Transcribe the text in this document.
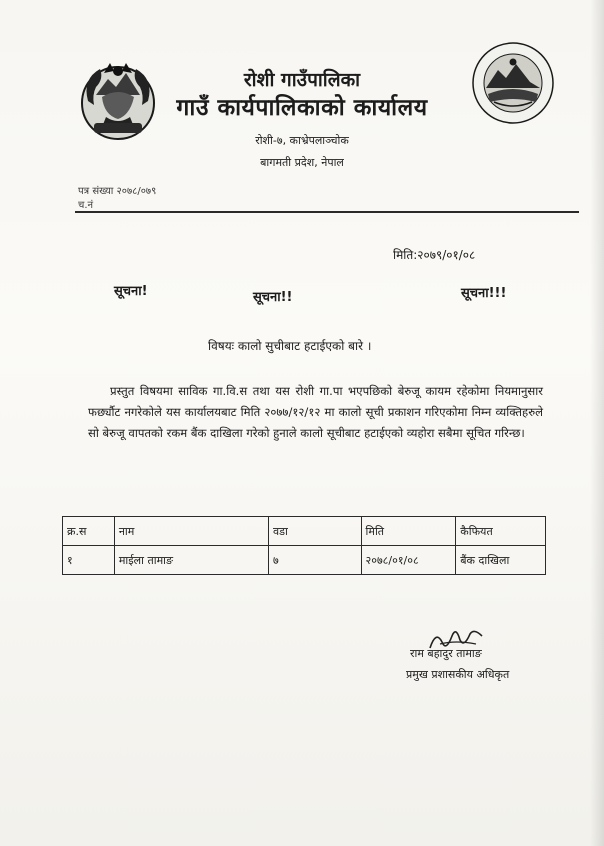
रोशी गाउँपालिका
गाउँ कार्यपालिकाको कार्यालय
रोशी-७, काभ्रेपलाञ्चोक
बागमती प्रदेश, नेपाल
पत्र संख्या २०७८/०७९
च.नं
मिति:२०७९/०१/०८
सूचना!	सूचना!!	सूचना!!!
विषयः कालो सुचीबाट हटाईएको बारे ।

प्रस्तुत विषयमा साविक गा.वि.स तथा यस रोशी गा.पा भएपछिको बेरुजू कायम रहेकोमा नियमानुसार फर्छ्यौट नगरेकोले यस कार्यालयबाट मिति २०७७/१२/१२ मा कालो सूची प्रकाशन गरिएकोमा निम्न व्यक्तिहरुले सो बेरुजू वापतको रकम बैंक दाखिला गरेको हुनाले कालो सूचीबाट हटाईएको व्यहोरा सबैमा सूचित गरिन्छ।

क्र.स	नाम	वडा	मिति	कैफियत
१	माईला तामाङ	७	२०७८/०१/०८	बैंक दाखिला
राम बहादुर तामाङ
प्रमुख प्रशासकीय अधिकृत
